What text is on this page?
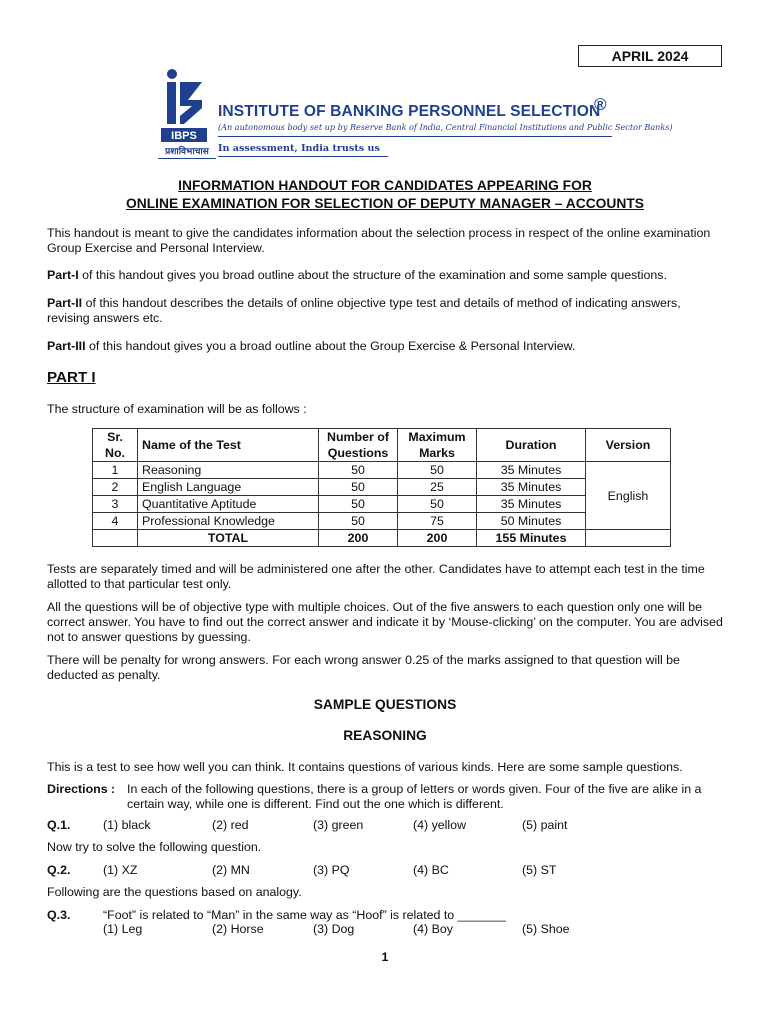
APRIL 2024
IBPS
प्रशाविभाचास
INSTITUTE OF BANKING PERSONNEL SELECTION
®
(An autonomous body set up by Reserve Bank of India, Central Financial Institutions and Public Sector Banks)
In assessment, India trusts us
INFORMATION HANDOUT FOR CANDIDATES APPEARING FOR
ONLINE EXAMINATION FOR SELECTION OF DEPUTY MANAGER – ACCOUNTS
This handout is meant to give the candidates information about the selection process in respect of the online examination Group Exercise and Personal Interview.
Part-I of this handout gives you broad outline about the structure of the examination and some sample questions.
Part-II of this handout describes the details of online objective type test and details of method of indicating answers, revising answers etc.
Part-III of this handout gives you a broad outline about the Group Exercise & Personal Interview.
PART I
The structure of examination will be as follows :
Sr. No.	Name of the Test	Number of Questions	Maximum Marks	Duration	Version
1	Reasoning	50	50	35 Minutes	English
2	English Language	50	25	35 Minutes	
3	Quantitative Aptitude	50	50	35 Minutes	
4	Professional Knowledge	50	75	50 Minutes	
	TOTAL	200	200	155 Minutes	
Tests are separately timed and will be administered one after the other. Candidates have to attempt each test in the time allotted to that particular test only.
All the questions will be of objective type with multiple choices. Out of the five answers to each question only one will be correct answer. You have to find out the correct answer and indicate it by ‘Mouse-clicking’ on the computer. You are advised not to answer questions by guessing.
There will be penalty for wrong answers. For each wrong answer 0.25 of the marks assigned to that question will be deducted as penalty.
SAMPLE QUESTIONS
REASONING
This is a test to see how well you can think. It contains questions of various kinds. Here are some sample questions.
Directions : In each of the following questions, there is a group of letters or words given. Four of the five are alike in a certain way, while one is different. Find out the one which is different.
Q.1.	(1) black	(2) red	(3) green	(4) yellow	(5) paint
Now try to solve the following question.
Q.2.	(1) XZ	(2) MN	(3) PQ	(4) BC	(5) ST
Following are the questions based on analogy.
Q.3.	“Foot” is related to “Man” in the same way as “Hoof” is related to _______
(1) Leg	(2) Horse	(3) Dog	(4) Boy	(5) Shoe
1
